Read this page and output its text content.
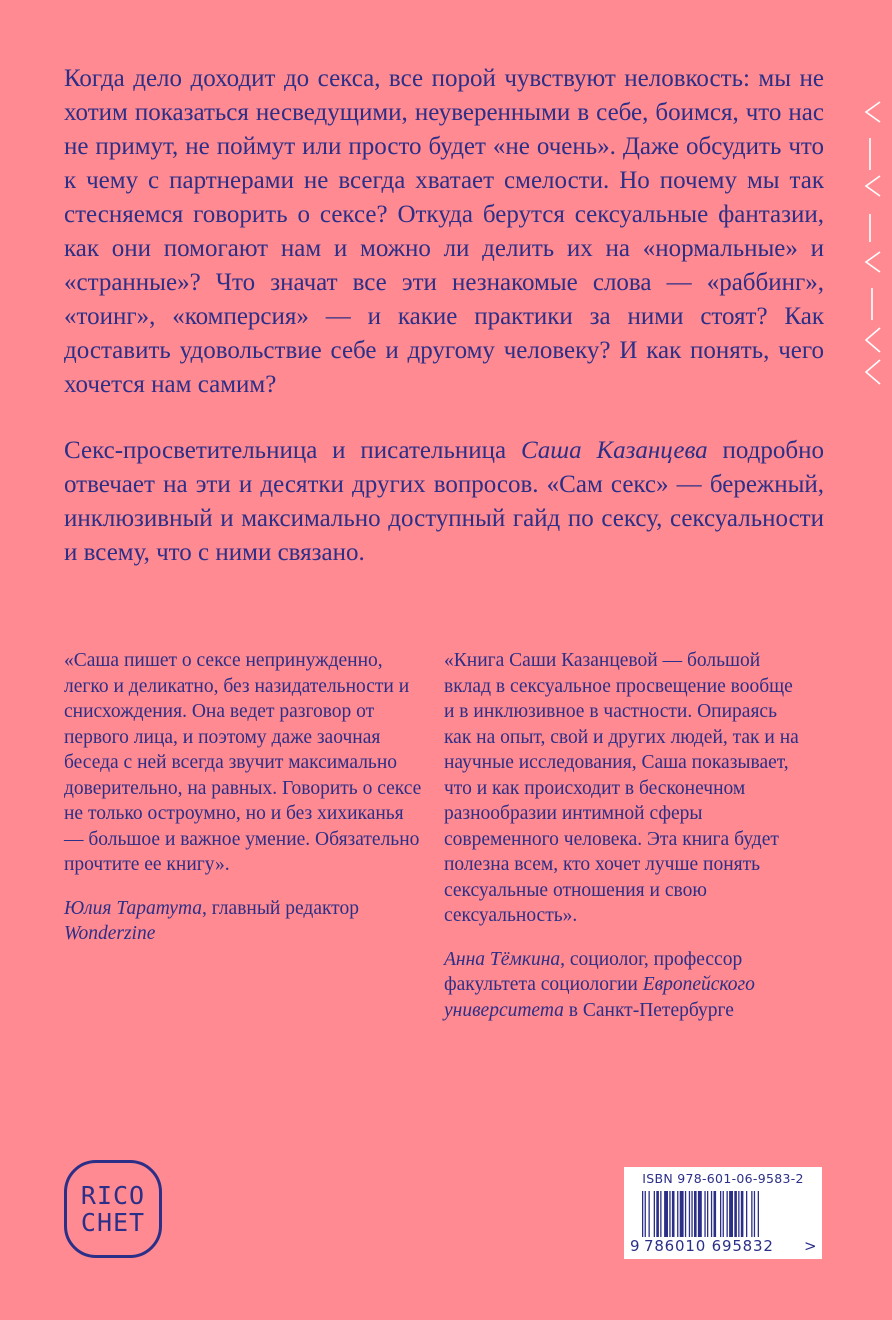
Когда дело доходит до секса, все порой чувствуют неловкость: мы не хотим показаться несведущими, неуверенными в себе, боимся, что нас не примут, не поймут или просто будет «не очень». Даже обсудить что к чему с партнерами не всегда хватает смелости. Но почему мы так стесняемся говорить о сексе? Откуда берутся сексуальные фантазии, как они помогают нам и можно ли делить их на «нормальные» и «странные»? Что значат все эти незнакомые слова — «раббинг», «тоинг», «комперсия» — и какие практики за ними стоят? Как доставить удовольствие себе и другому человеку? И как понять, чего хочется нам самим?

Секс-просветительница и писательница Саша Казанцева подробно отвечает на эти и десятки других вопросов. «Сам секс» — бережный, инклюзивный и максимально доступный гайд по сексу, сексуальности и всему, что с ними связано.

«Саша пишет о сексе непринужденно, легко и деликатно, без назидательности и снисхождения. Она ведет разговор от первого лица, и поэтому даже заочная беседа с ней всегда звучит максимально доверительно, на равных. Говорить о сексе не только остроумно, но и без хихиканья — большое и важное умение. Обязательно прочтите ее книгу».

Юлия Таратута, главный редактор Wonderzine

«Книга Саши Казанцевой — большой вклад в сексуальное просвещение вообще и в инклюзивное в частности. Опираясь как на опыт, свой и других людей, так и на научные исследования, Саша показывает, что и как происходит в бесконечном разнообразии интимной сферы современного человека. Эта книга будет полезна всем, кто хочет лучше понять сексуальные отношения и свою сексуальность».

Анна Тёмкина, социолог, профессор факультета социологии Европейского университета в Санкт-Петербурге

RICO
CHET
ISBN 978-601-06-9583-2
9 786010 695832	>
